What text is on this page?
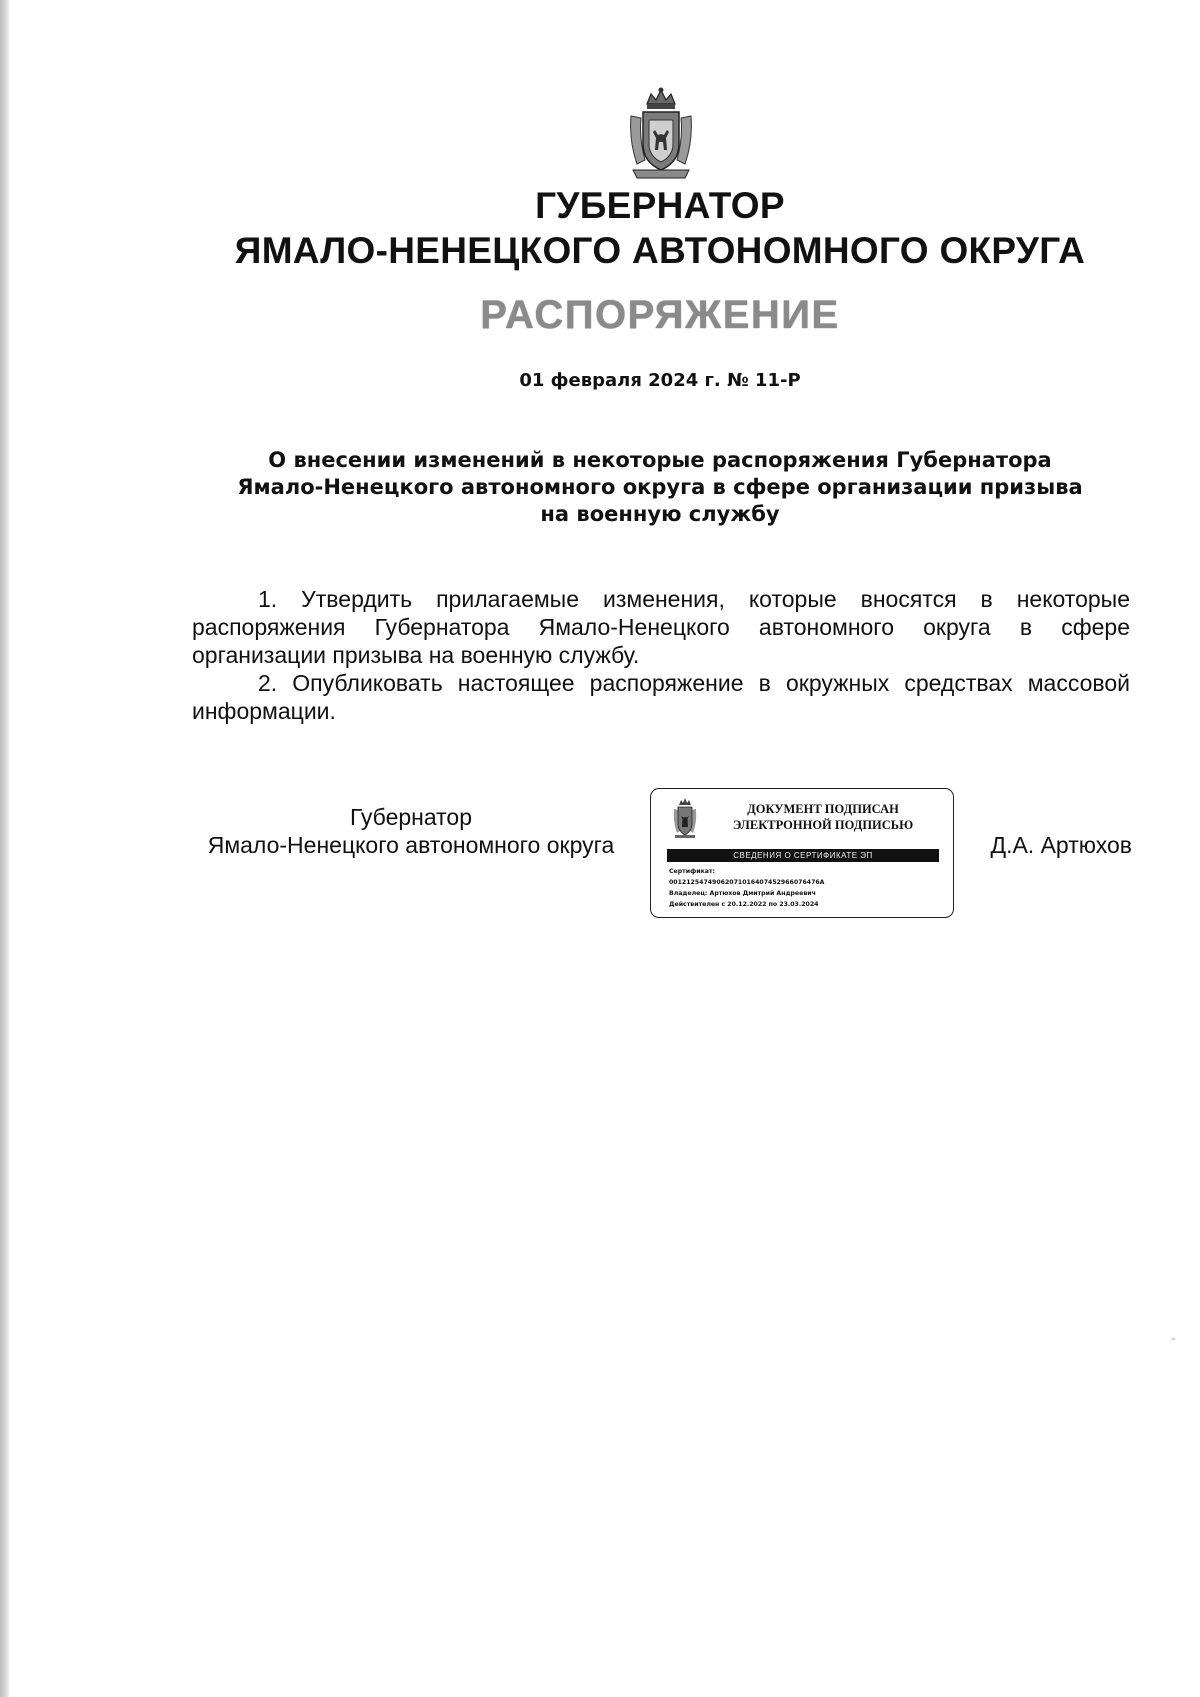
ГУБЕРНАТОР
ЯМАЛО-НЕНЕЦКОГО АВТОНОМНОГО ОКРУГА
РАСПОРЯЖЕНИЕ
01 февраля 2024 г. № 11-Р
О внесении изменений в некоторые распоряжения Губернатора
Ямало-Ненецкого автономного округа в сфере организации призыва
на военную службу

1. Утвердить прилагаемые изменения, которые вносятся в некоторые распоряжения Губернатора Ямало-Ненецкого автономного округа в сфере организации призыва на военную службу.

2. Опубликовать настоящее распоряжение в окружных средствах массовой информации.

Губернатор
Ямало-Ненецкого автономного округа
ДОКУМЕНТ ПОДПИСАН
ЭЛЕКТРОННОЙ ПОДПИСЬЮ
СВЕДЕНИЯ О СЕРТИФИКАТЕ ЭП
Сертификат:
00121254749062071016407452966076476A
Владелец: Артюхов Дмитрий Андреевич
Действителен с 20.12.2022 по 23.03.2024
Д.А. Артюхов
